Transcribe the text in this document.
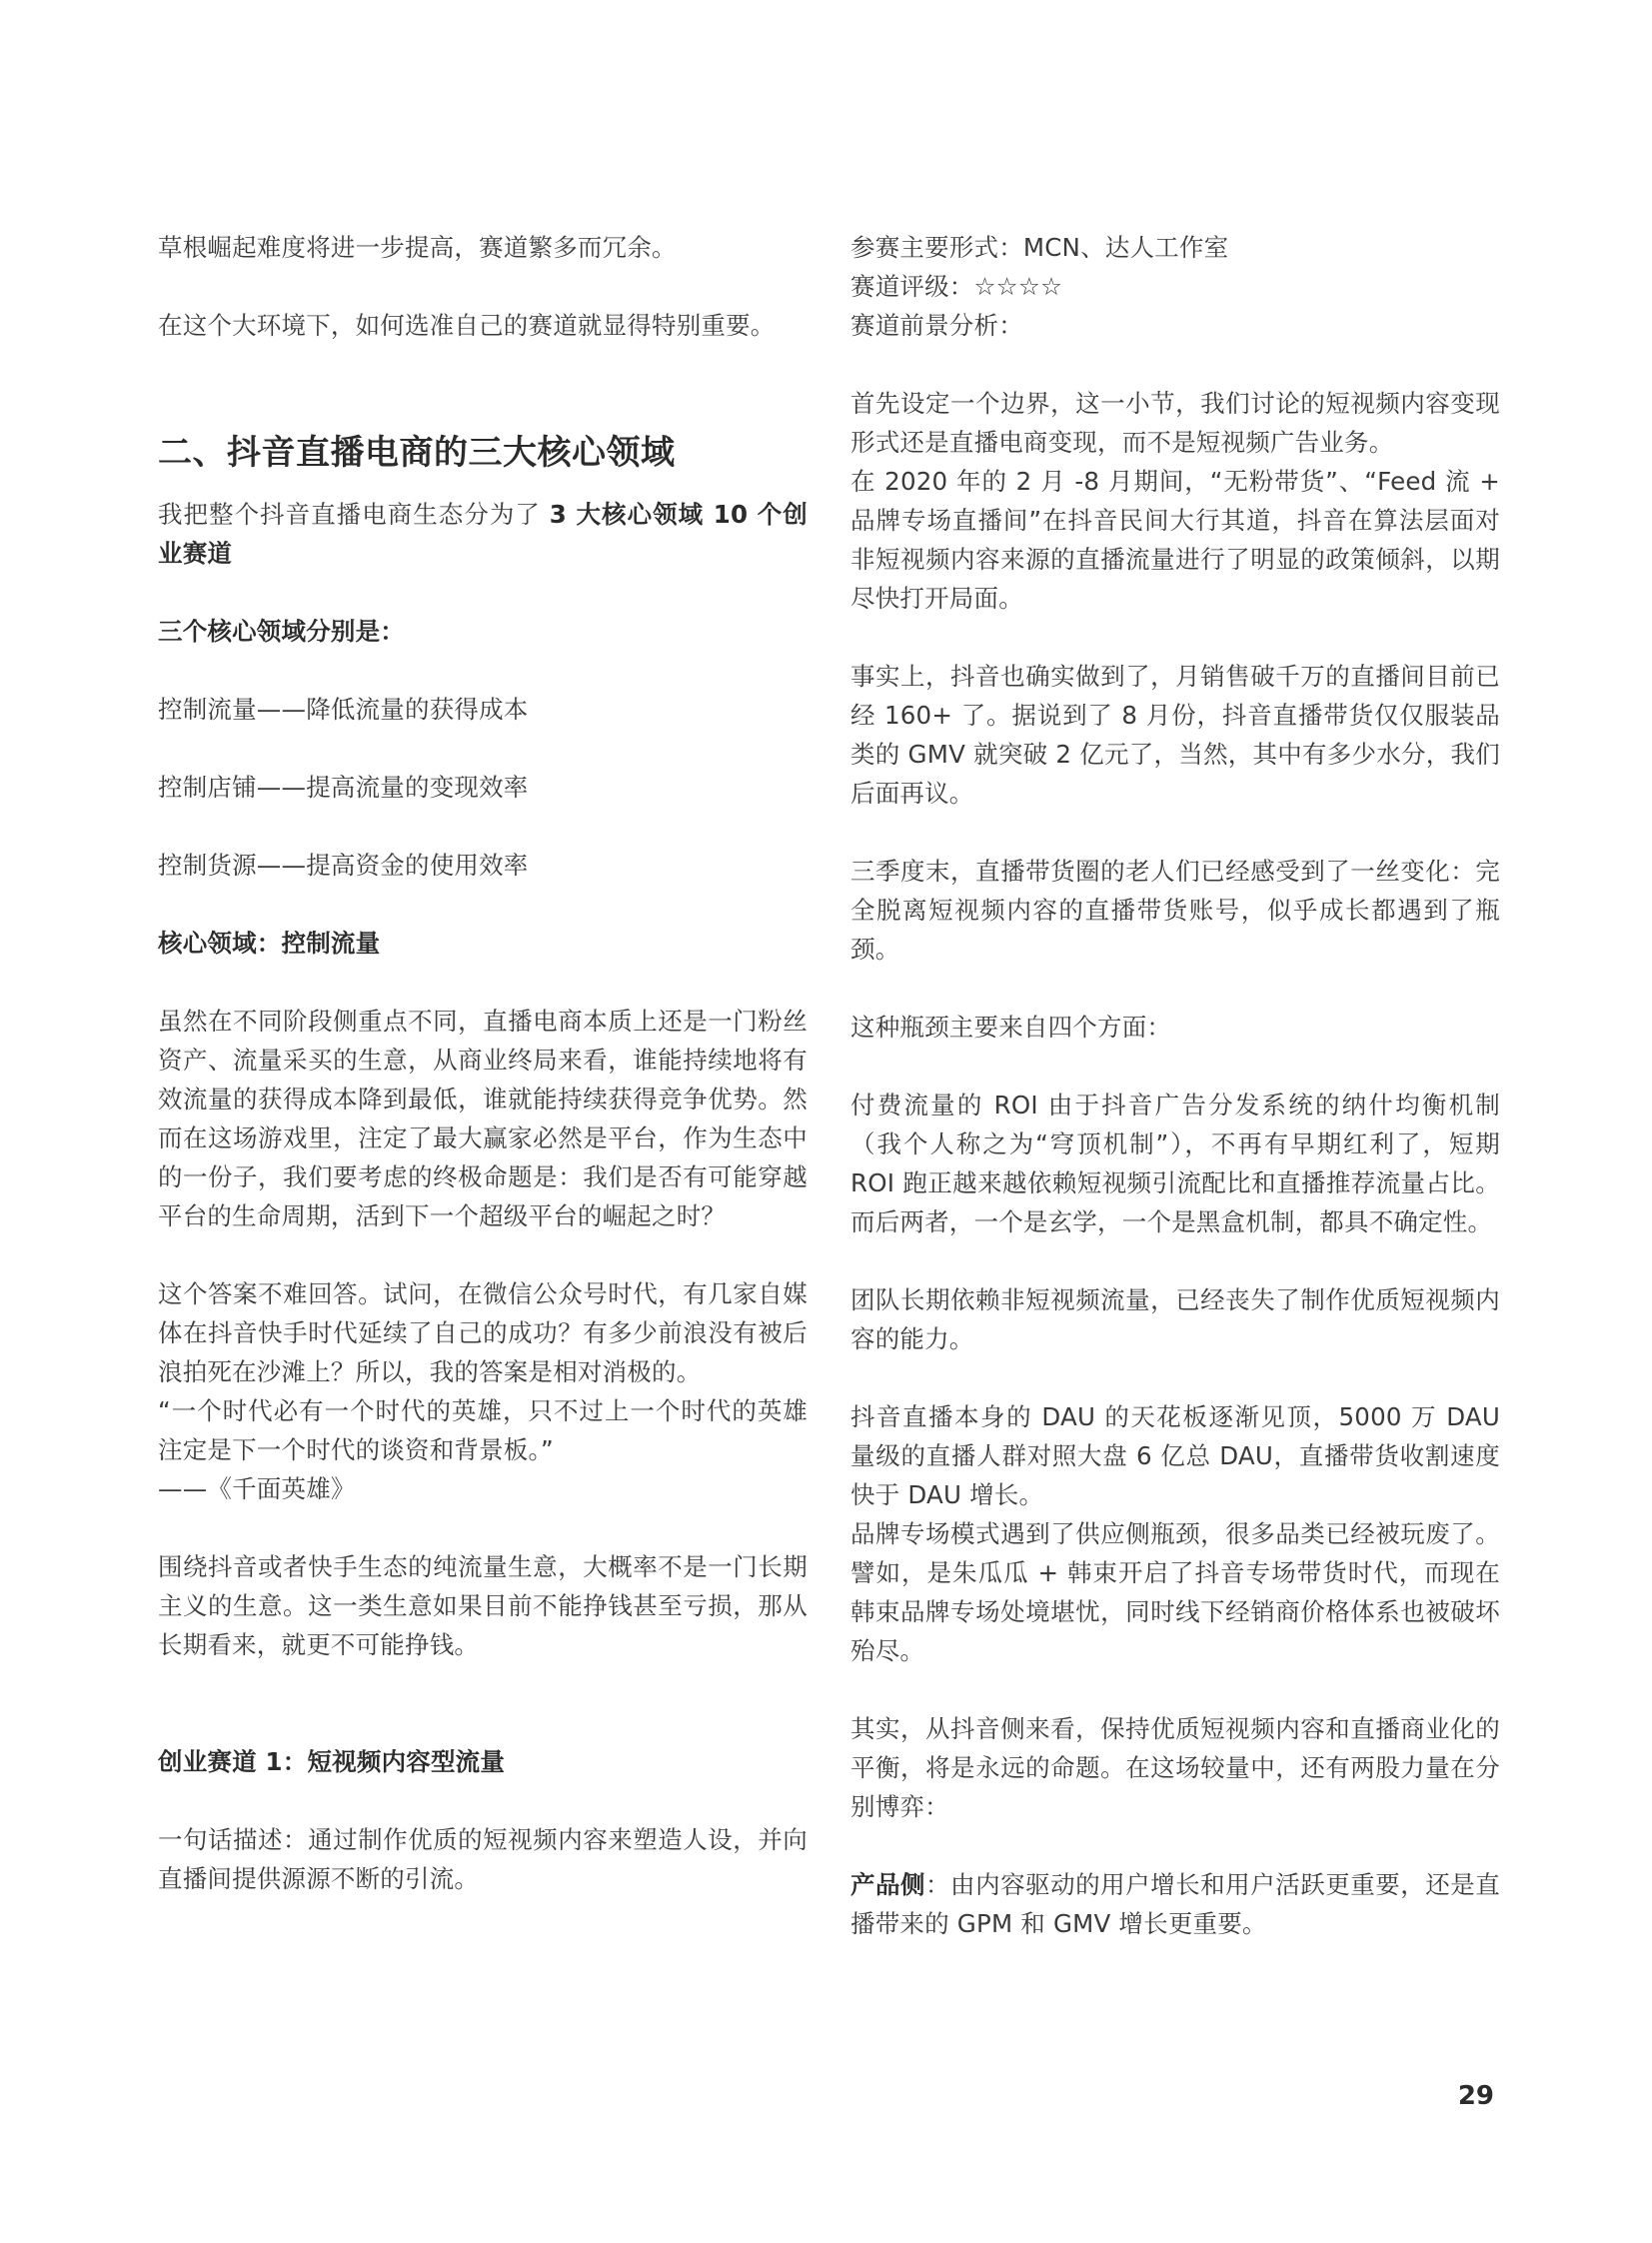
草根崛起难度将进一步提高，赛道繁多而冗余。

在这个大环境下，如何选准自己的赛道就显得特别重要。

二、抖音直播电商的三大核心领域

我把整个抖音直播电商生态分为了 3 大核心领域 10 个创业赛道

三个核心领域分别是：

控制流量——降低流量的获得成本

控制店铺——提高流量的变现效率

控制货源——提高资金的使用效率

核心领域：控制流量

虽然在不同阶段侧重点不同，直播电商本质上还是一门粉丝资产、流量采买的生意，从商业终局来看，谁能持续地将有效流量的获得成本降到最低，谁就能持续获得竞争优势。然而在这场游戏里，注定了最大赢家必然是平台，作为生态中的一份子，我们要考虑的终极命题是：我们是否有可能穿越平台的生命周期，活到下一个超级平台的崛起之时？

这个答案不难回答。试问，在微信公众号时代，有几家自媒体在抖音快手时代延续了自己的成功？有多少前浪没有被后浪拍死在沙滩上？所以，我的答案是相对消极的。

“一个时代必有一个时代的英雄，只不过上一个时代的英雄注定是下一个时代的谈资和背景板。”

——《千面英雄》

围绕抖音或者快手生态的纯流量生意，大概率不是一门长期主义的生意。这一类生意如果目前不能挣钱甚至亏损，那从长期看来，就更不可能挣钱。

创业赛道 1：短视频内容型流量

一句话描述：通过制作优质的短视频内容来塑造人设，并向直播间提供源源不断的引流。

参赛主要形式：MCN、达人工作室

赛道评级：☆☆☆☆

赛道前景分析：

首先设定一个边界，这一小节，我们讨论的短视频内容变现形式还是直播电商变现，而不是短视频广告业务。

在 2020 年的 2 月 -8 月期间，“无粉带货”、“Feed 流 + 品牌专场直播间”在抖音民间大行其道，抖音在算法层面对非短视频内容来源的直播流量进行了明显的政策倾斜，以期尽快打开局面。

事实上，抖音也确实做到了，月销售破千万的直播间目前已经 160+ 了。据说到了 8 月份，抖音直播带货仅仅服装品类的 GMV 就突破 2 亿元了，当然，其中有多少水分，我们后面再议。

三季度末，直播带货圈的老人们已经感受到了一丝变化：完全脱离短视频内容的直播带货账号，似乎成长都遇到了瓶颈。

这种瓶颈主要来自四个方面：

付费流量的 ROI 由于抖音广告分发系统的纳什均衡机制（我个人称之为“穹顶机制”），不再有早期红利了，短期 ROI 跑正越来越依赖短视频引流配比和直播推荐流量占比。而后两者，一个是玄学，一个是黑盒机制，都具不确定性。

团队长期依赖非短视频流量，已经丧失了制作优质短视频内容的能力。

抖音直播本身的 DAU 的天花板逐渐见顶，5000 万 DAU 量级的直播人群对照大盘 6 亿总 DAU，直播带货收割速度快于 DAU 增长。

品牌专场模式遇到了供应侧瓶颈，很多品类已经被玩废了。譬如，是朱瓜瓜 + 韩束开启了抖音专场带货时代，而现在韩束品牌专场处境堪忧，同时线下经销商价格体系也被破坏殆尽。

其实，从抖音侧来看，保持优质短视频内容和直播商业化的平衡，将是永远的命题。在这场较量中，还有两股力量在分别博弈：

产品侧：由内容驱动的用户增长和用户活跃更重要，还是直播带来的 GPM 和 GMV 增长更重要。

29
